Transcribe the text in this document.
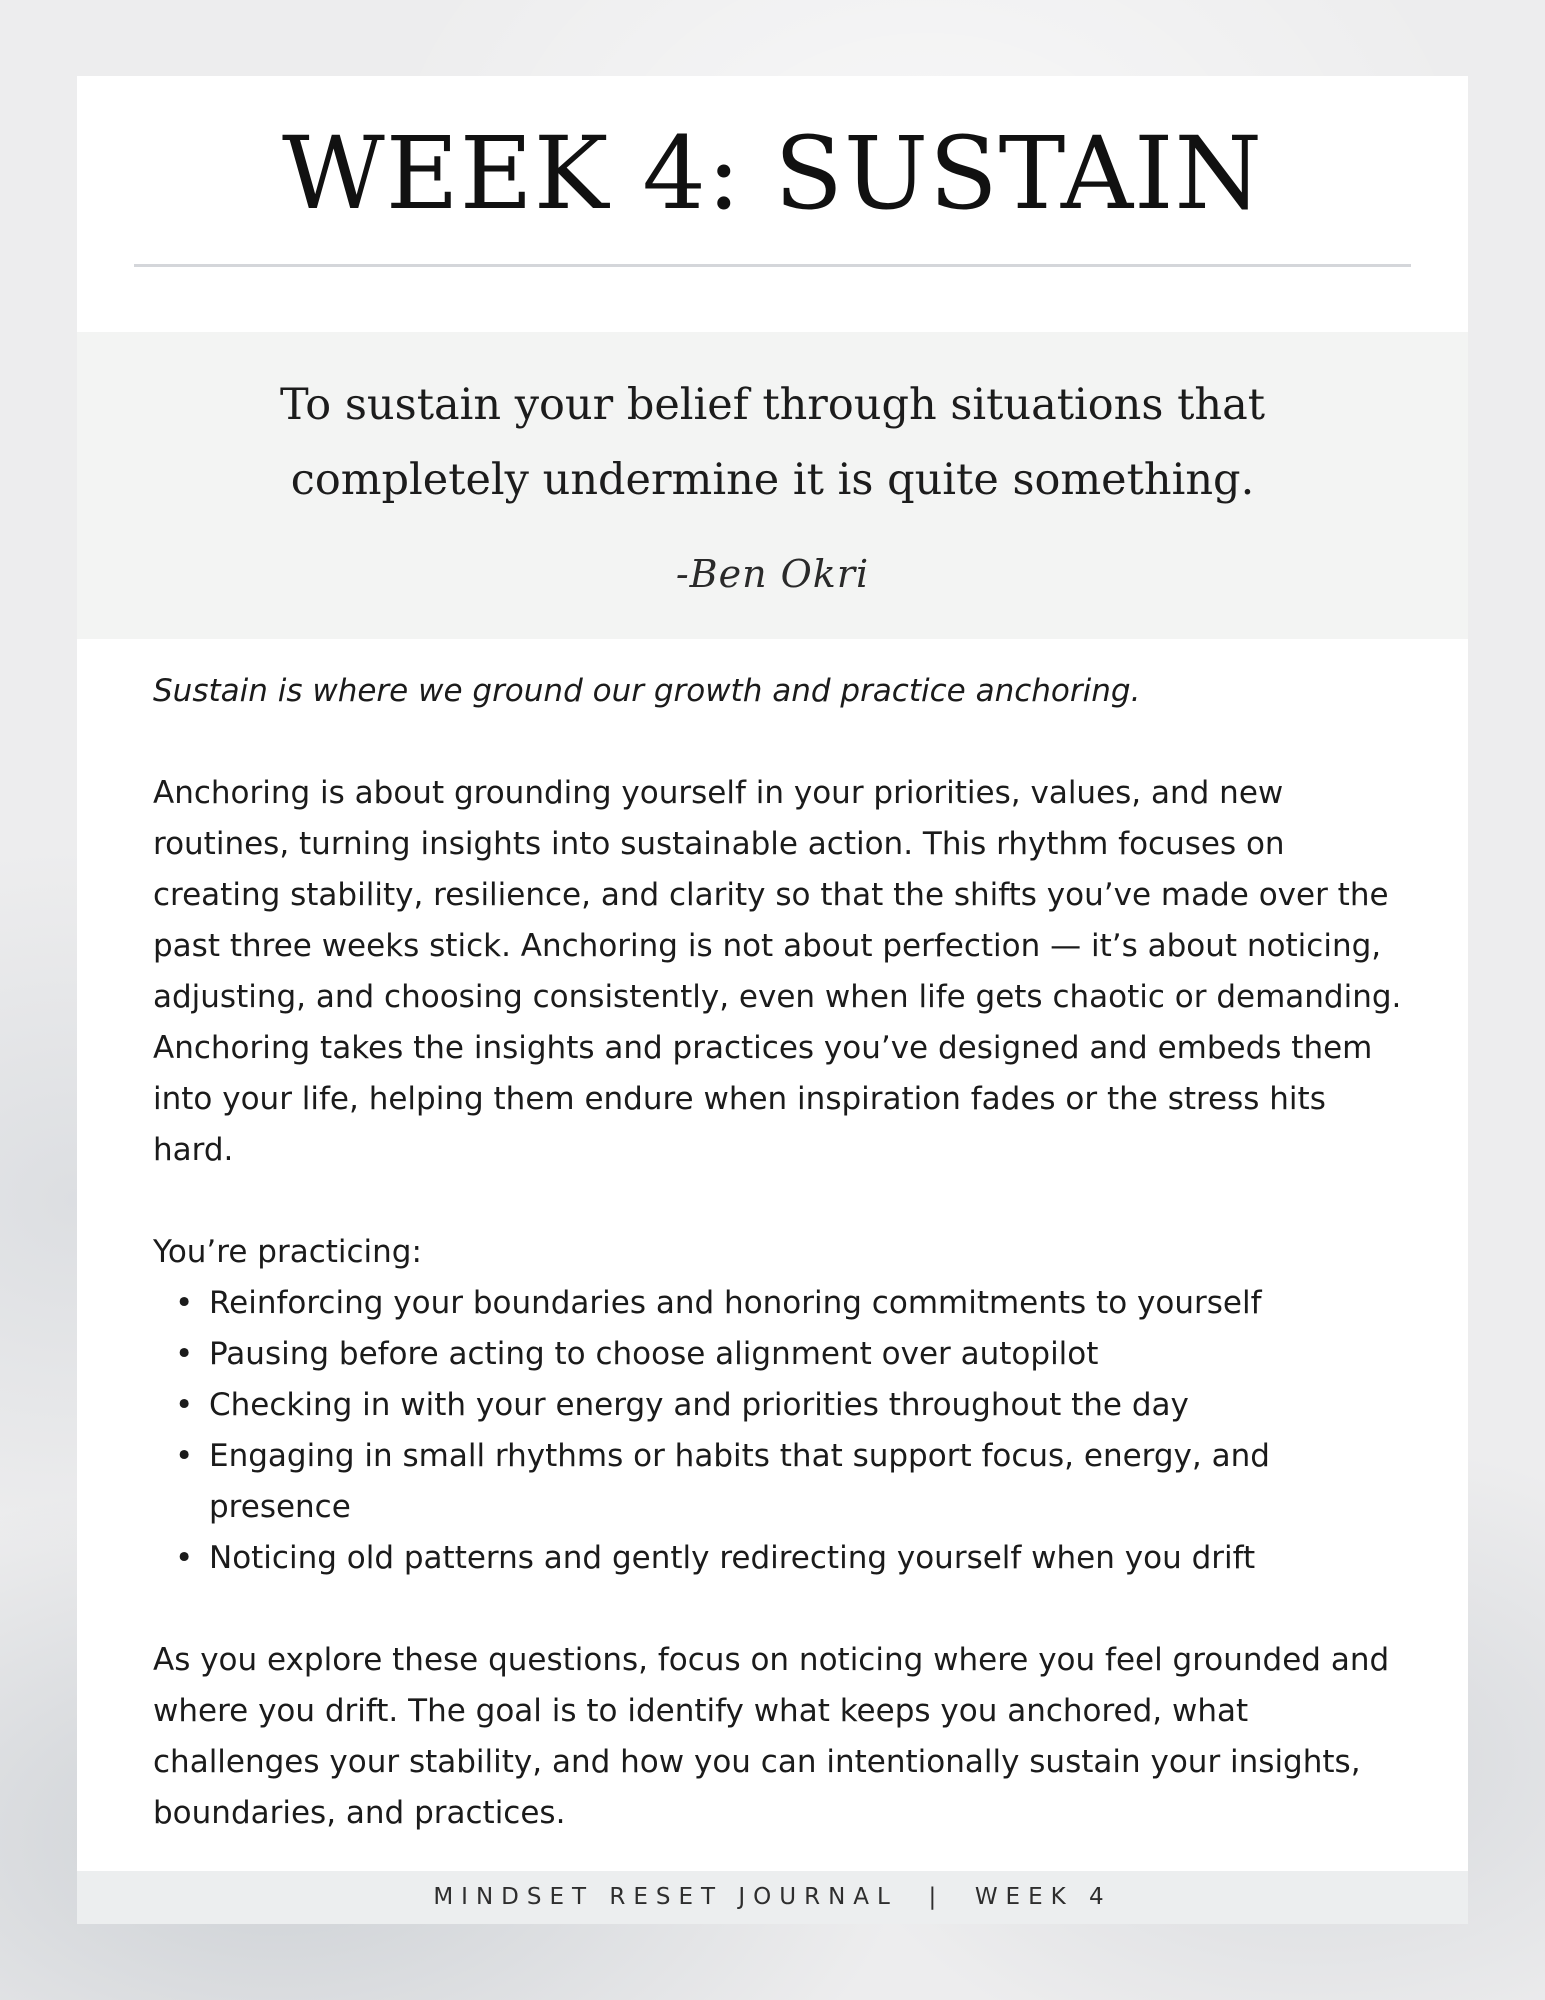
WEEK 4: SUSTAIN

To sustain your belief through situations that
completely undermine it is quite something.

-Ben Okri

Sustain is where we ground our growth and practice anchoring.

Anchoring is about grounding yourself in your priorities, values, and new routines, turning insights into sustainable action. This rhythm focuses on creating stability, resilience, and clarity so that the shifts you’ve made over the past three weeks stick. Anchoring is not about perfection — it’s about noticing, adjusting, and choosing consistently, even when life gets chaotic or demanding. Anchoring takes the insights and practices you’ve designed and embeds them into your life, helping them endure when inspiration fades or the stress hits hard.

You’re practicing:

• Reinforcing your boundaries and honoring commitments to yourself
• Pausing before acting to choose alignment over autopilot
• Checking in with your energy and priorities throughout the day
• Engaging in small rhythms or habits that support focus, energy, and presence
• Noticing old patterns and gently redirecting yourself when you drift

As you explore these questions, focus on noticing where you feel grounded and where you drift. The goal is to identify what keeps you anchored, what challenges your stability, and how you can intentionally sustain your insights, boundaries, and practices.

MINDSET RESET JOURNAL  |  WEEK 4
